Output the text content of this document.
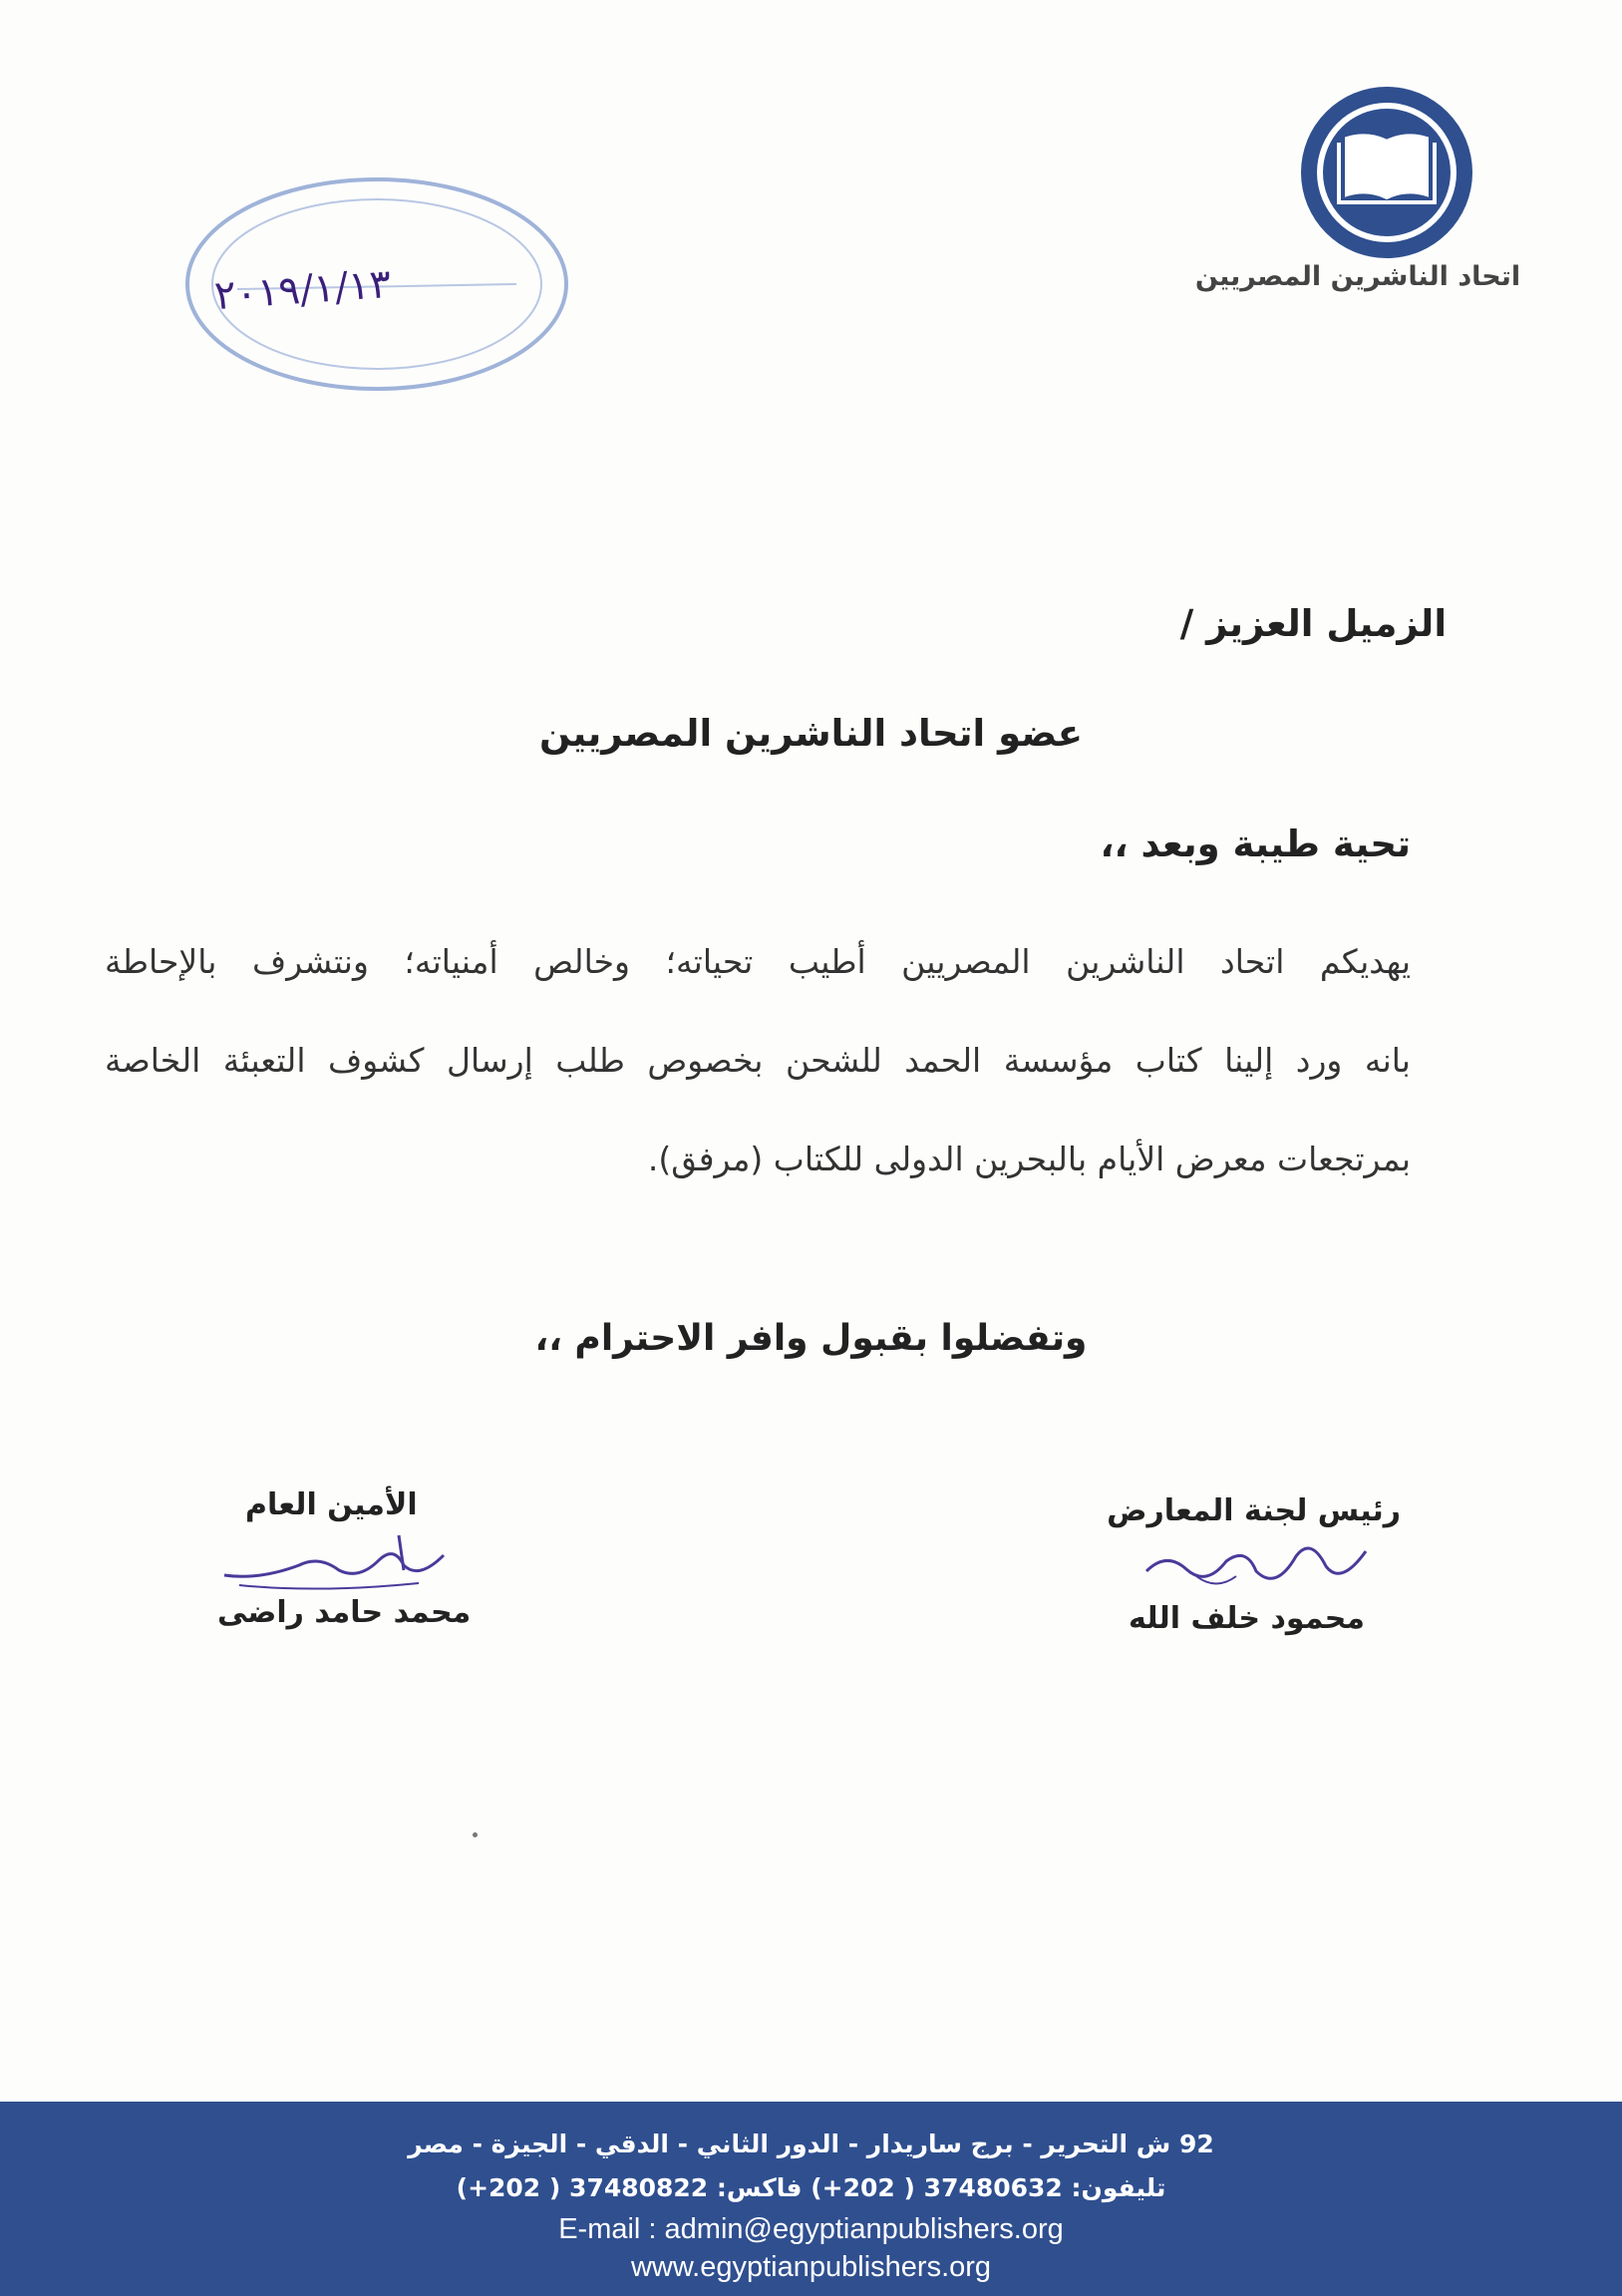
اتحاد الناشرين المصريين
٢٠١٩/١/١٣
الزميل العزيز /
عضو اتحاد الناشرين المصريين
تحية طيبة وبعد ،،
يهديكم اتحاد الناشرين المصريين أطيب تحياته؛ وخالص أمنياته؛ ونتشرف بالإحاطة
بانه ورد إلينا كتاب مؤسسة الحمد للشحن بخصوص طلب إرسال كشوف التعبئة الخاصة
بمرتجعات معرض الأيام بالبحرين الدولى للكتاب (مرفق).
وتفضلوا بقبول وافر الاحترام ،،
رئيس لجنة المعارض
محمود خلف الله
الأمين العام
محمد حامد راضى
92 ش التحرير - برج ساريدار - الدور الثاني - الدقي - الجيزة - مصر
تليفون: 37480632 ( 202+) فاكس: 37480822 ( 202+)
E-mail : admin@egyptianpublishers.org
www.egyptianpublishers.org
